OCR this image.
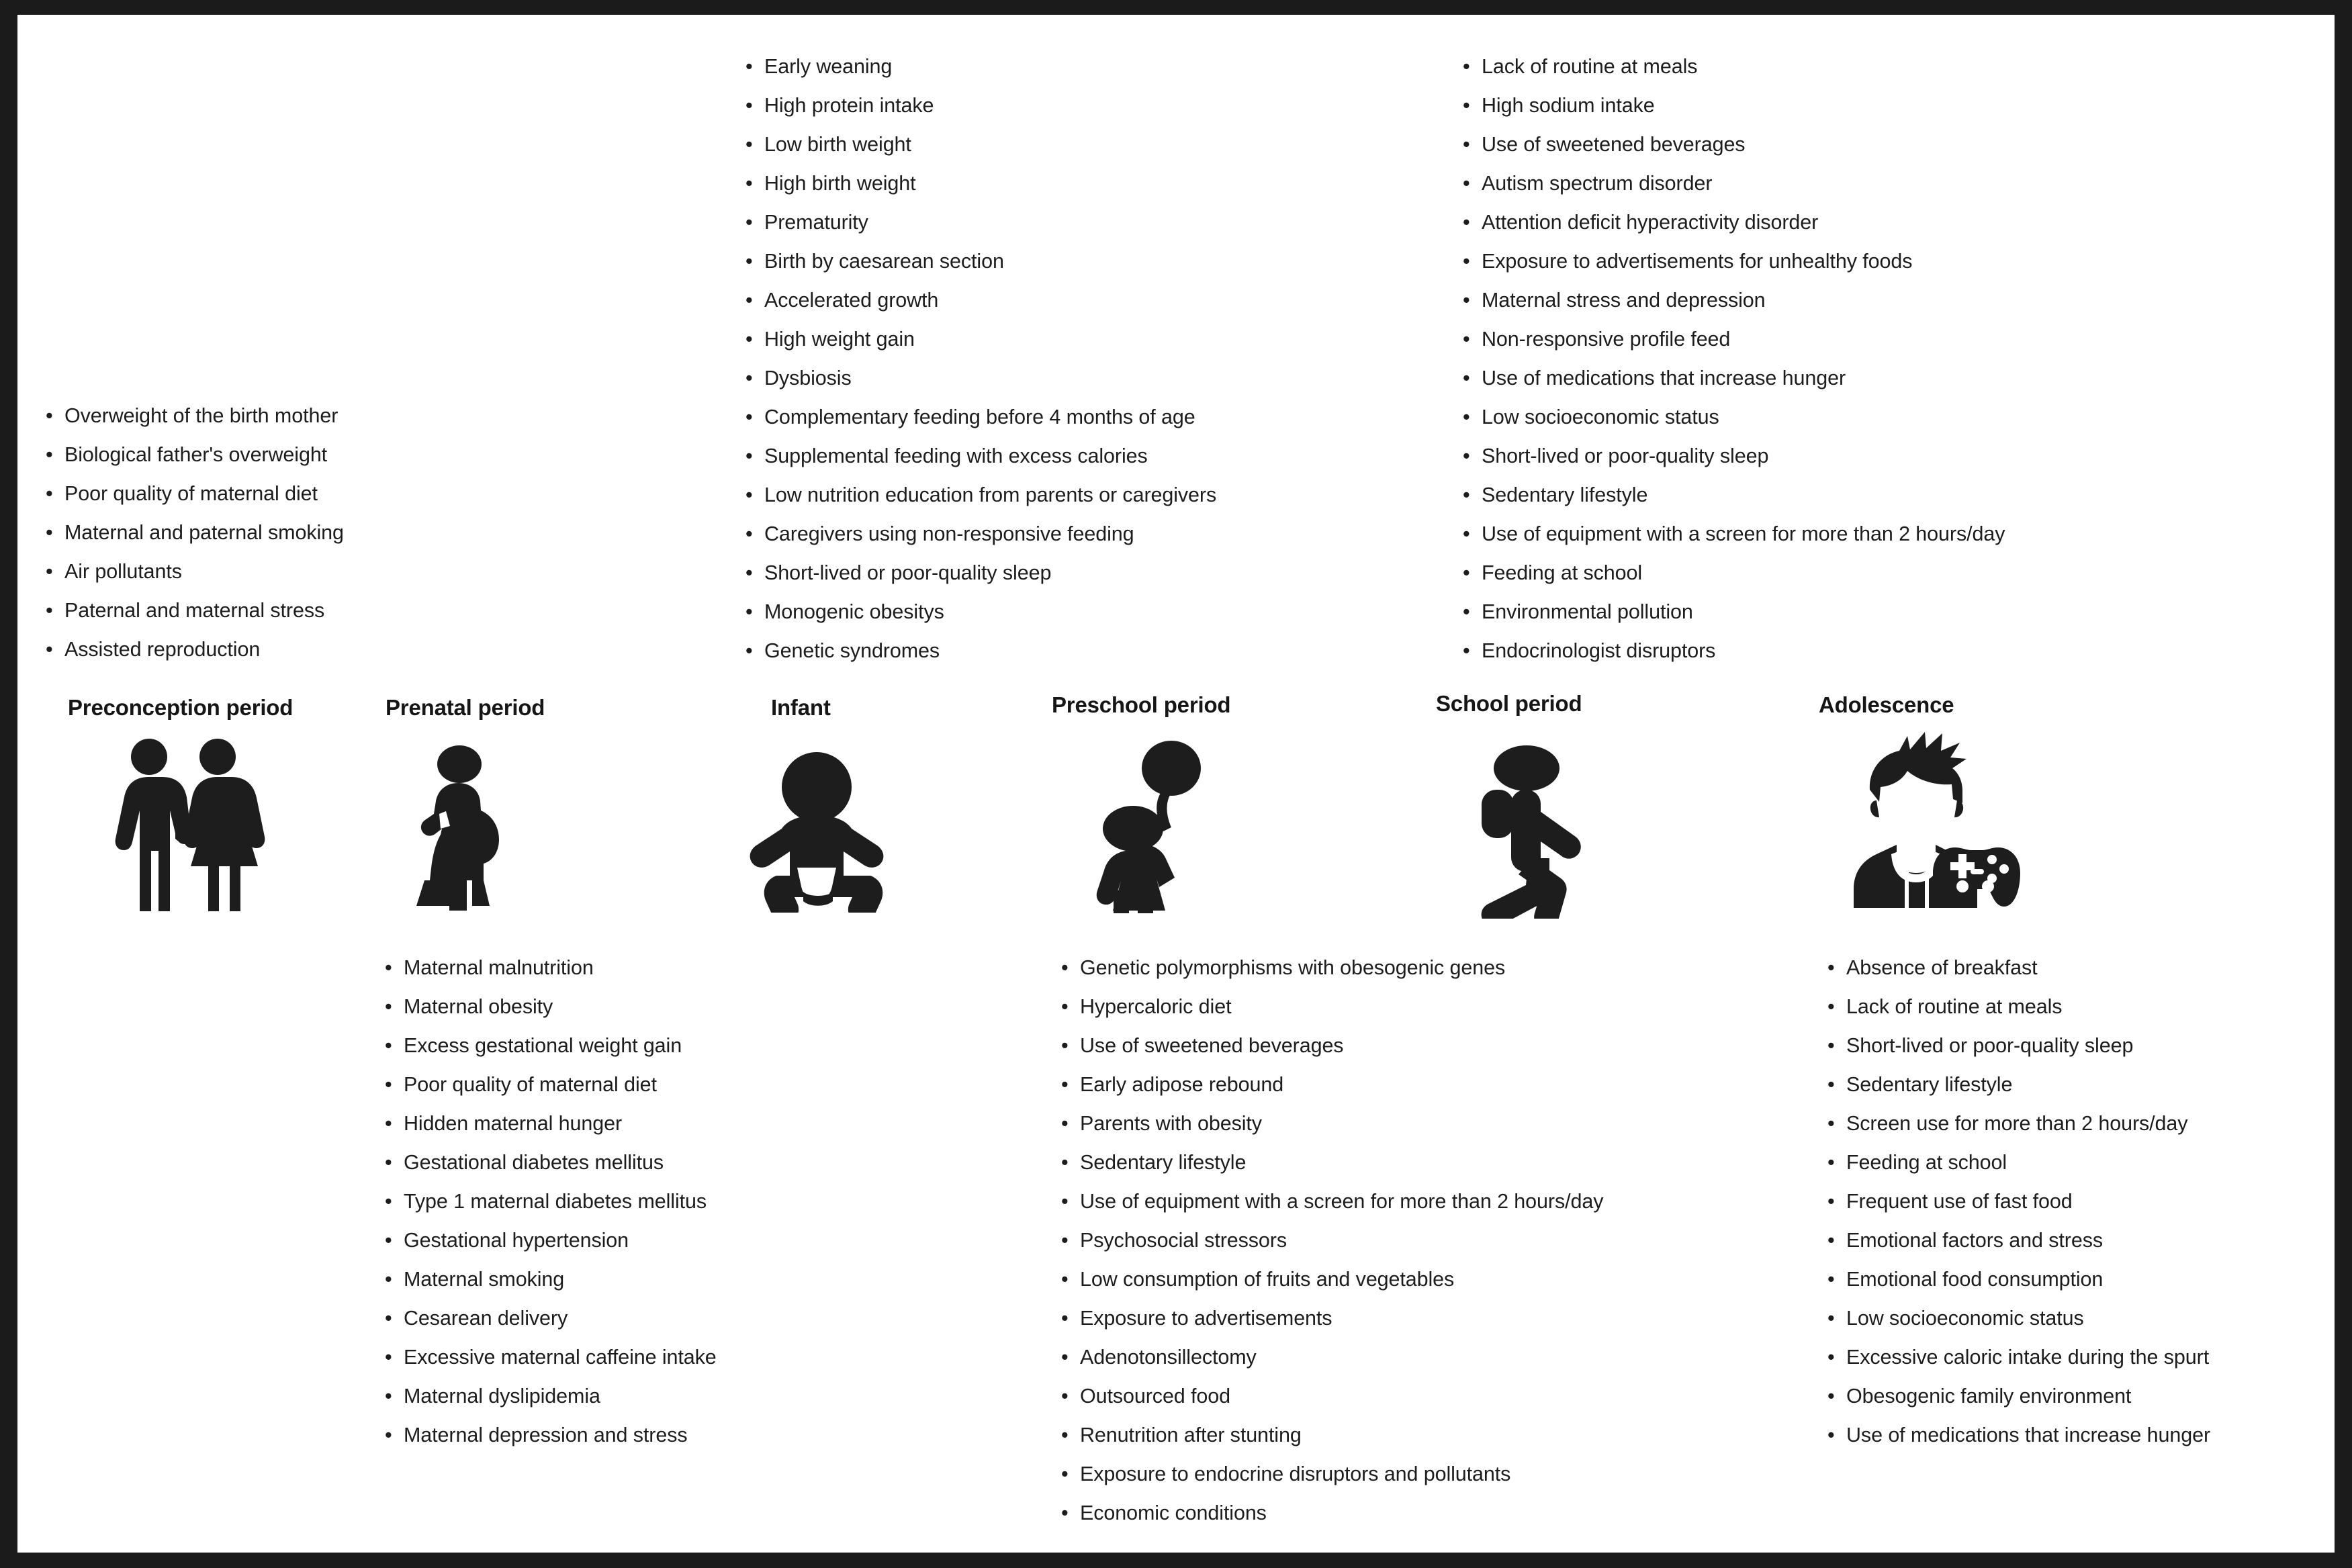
• Overweight of the birth mother
• Biological father's overweight
• Poor quality of maternal diet
• Maternal and paternal smoking
• Air pollutants
• Paternal and maternal stress
• Assisted reproduction
• Early weaning
• High protein intake
• Low birth weight
• High birth weight
• Prematurity
• Birth by caesarean section
• Accelerated growth
• High weight gain
• Dysbiosis
• Complementary feeding before 4 months of age
• Supplemental feeding with excess calories
• Low nutrition education from parents or caregivers
• Caregivers using non-responsive feeding
• Short-lived or poor-quality sleep
• Monogenic obesitys
• Genetic syndromes
• Lack of routine at meals
• High sodium intake
• Use of sweetened beverages
• Autism spectrum disorder
• Attention deficit hyperactivity disorder
• Exposure to advertisements for unhealthy foods
• Maternal stress and depression
• Non-responsive profile feed
• Use of medications that increase hunger
• Low socioeconomic status
• Short-lived or poor-quality sleep
• Sedentary lifestyle
• Use of equipment with a screen for more than 2 hours/day
• Feeding at school
• Environmental pollution
• Endocrinologist disruptors
Preconception period	Prenatal period	Infant	Preschool period	School period	Adolescence
• Maternal malnutrition
• Maternal obesity
• Excess gestational weight gain
• Poor quality of maternal diet
• Hidden maternal hunger
• Gestational diabetes mellitus
• Type 1 maternal diabetes mellitus
• Gestational hypertension
• Maternal smoking
• Cesarean delivery
• Excessive maternal caffeine intake
• Maternal dyslipidemia
• Maternal depression and stress
• Genetic polymorphisms with obesogenic genes
• Hypercaloric diet
• Use of sweetened beverages
• Early adipose rebound
• Parents with obesity
• Sedentary lifestyle
• Use of equipment with a screen for more than 2 hours/day
• Psychosocial stressors
• Low consumption of fruits and vegetables
• Exposure to advertisements
• Adenotonsillectomy
• Outsourced food
• Renutrition after stunting
• Exposure to endocrine disruptors and pollutants
• Economic conditions
• Absence of breakfast
• Lack of routine at meals
• Short-lived or poor-quality sleep
• Sedentary lifestyle
• Screen use for more than 2 hours/day
• Feeding at school
• Frequent use of fast food
• Emotional factors and stress
• Emotional food consumption
• Low socioeconomic status
• Excessive caloric intake during the spurt
• Obesogenic family environment
• Use of medications that increase hunger
